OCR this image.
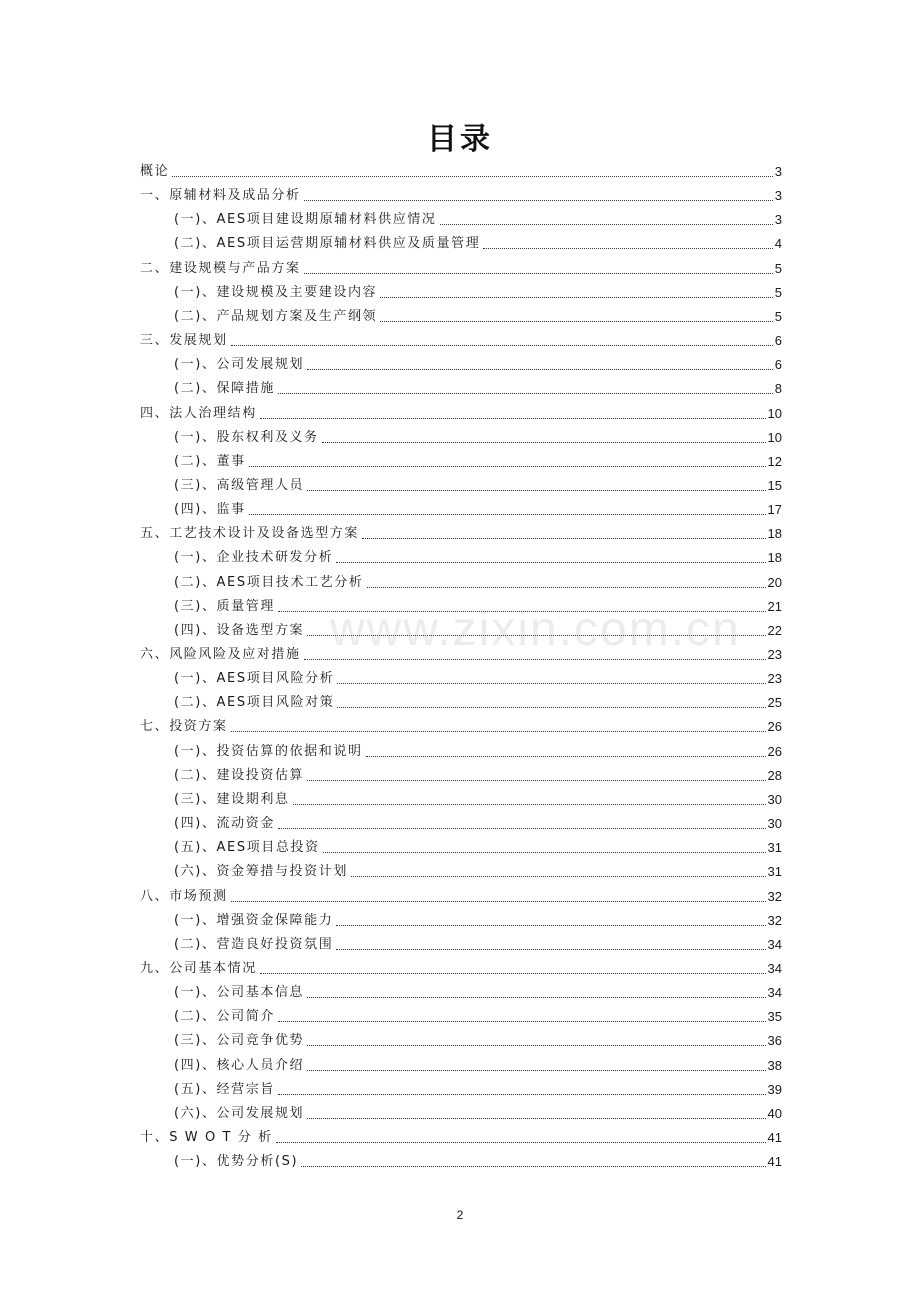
目录
概论	3
一、原辅材料及成品分析	3
(一)、AES项目建设期原辅材料供应情况	3
(二)、AES项目运营期原辅材料供应及质量管理	4
二、建设规模与产品方案	5
(一)、建设规模及主要建设内容	5
(二)、产品规划方案及生产纲领	5
三、发展规划	6
(一)、公司发展规划	6
(二)、保障措施	8
四、法人治理结构	10
(一)、股东权利及义务	10
(二)、董事	12
(三)、高级管理人员	15
(四)、监事	17
五、工艺技术设计及设备选型方案	18
(一)、企业技术研发分析	18
(二)、AES项目技术工艺分析	20
(三)、质量管理	21
(四)、设备选型方案	22
六、风险风险及应对措施	23
(一)、AES项目风险分析	23
(二)、AES项目风险对策	25
七、投资方案	26
(一)、投资估算的依据和说明	26
(二)、建设投资估算	28
(三)、建设期利息	30
(四)、流动资金	30
(五)、AES项目总投资	31
(六)、资金筹措与投资计划	31
八、市场预测	32
(一)、增强资金保障能力	32
(二)、营造良好投资氛围	34
九、公司基本情况	34
(一)、公司基本信息	34
(二)、公司简介	35
(三)、公司竞争优势	36
(四)、核心人员介绍	38
(五)、经营宗旨	39
(六)、公司发展规划	40
十、S W O T 分 析	41
(一)、优势分析(S)	41
www.zixin.com.cn
2
